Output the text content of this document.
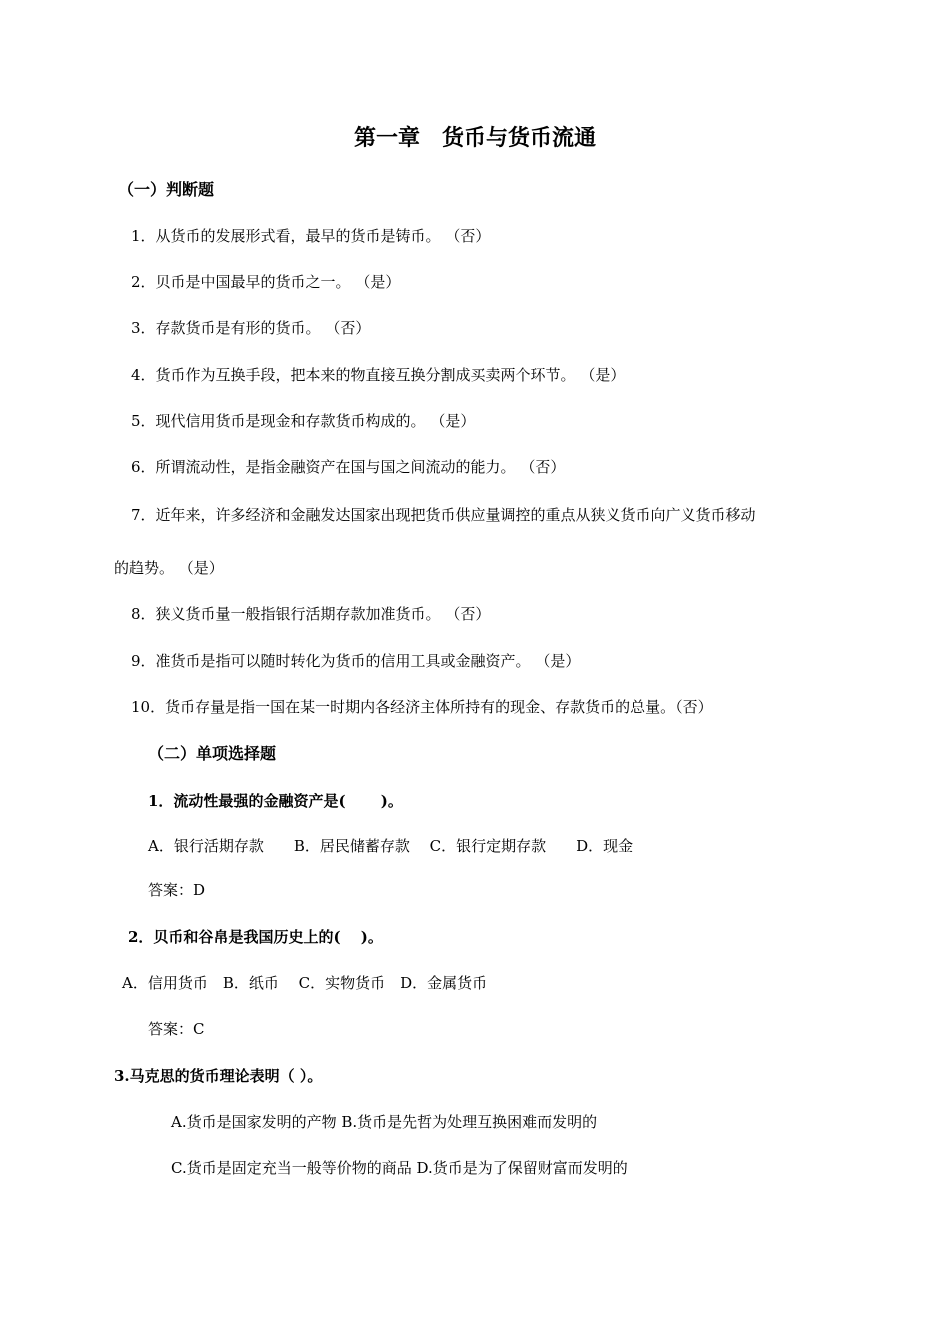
第一章　货币与货币流通
（一）判断题
1．从货币的发展形式看，最早的货币是铸币。 （否）
2．贝币是中国最早的货币之一。 （是）
3．存款货币是有形的货币。 （否）
4．货币作为互换手段，把本来的物直接互换分割成买卖两个环节。 （是）
5．现代信用货币是现金和存款货币构成的。 （是）
6．所谓流动性，是指金融资产在国与国之间流动的能力。 （否）
7．近年来，许多经济和金融发达国家出现把货币供应量调控的重点从狭义货币向广义货币移动
的趋势。 （是）
8．狭义货币量一般指银行活期存款加准货币。 （否）
9．准货币是指可以随时转化为货币的信用工具或金融资产。 （是）
10．货币存量是指一国在某一时期内各经济主体所持有的现金、存款货币的总量。（否）
（二）单项选择题
1．流动性最强的金融资产是(　　 )。
A．银行活期存款　　B．居民储蓄存款　 C．银行定期存款　　D．现金
答案：D
2．贝币和谷帛是我国历史上的(　 )。
A．信用货币　B．纸币　 C．实物货币　D．金属货币
答案：C
3.马克思的货币理论表明（ ）。
A.货币是国家发明的产物 B.货币是先哲为处理互换困难而发明的
C.货币是固定充当一般等价物的商品 D.货币是为了保留财富而发明的
